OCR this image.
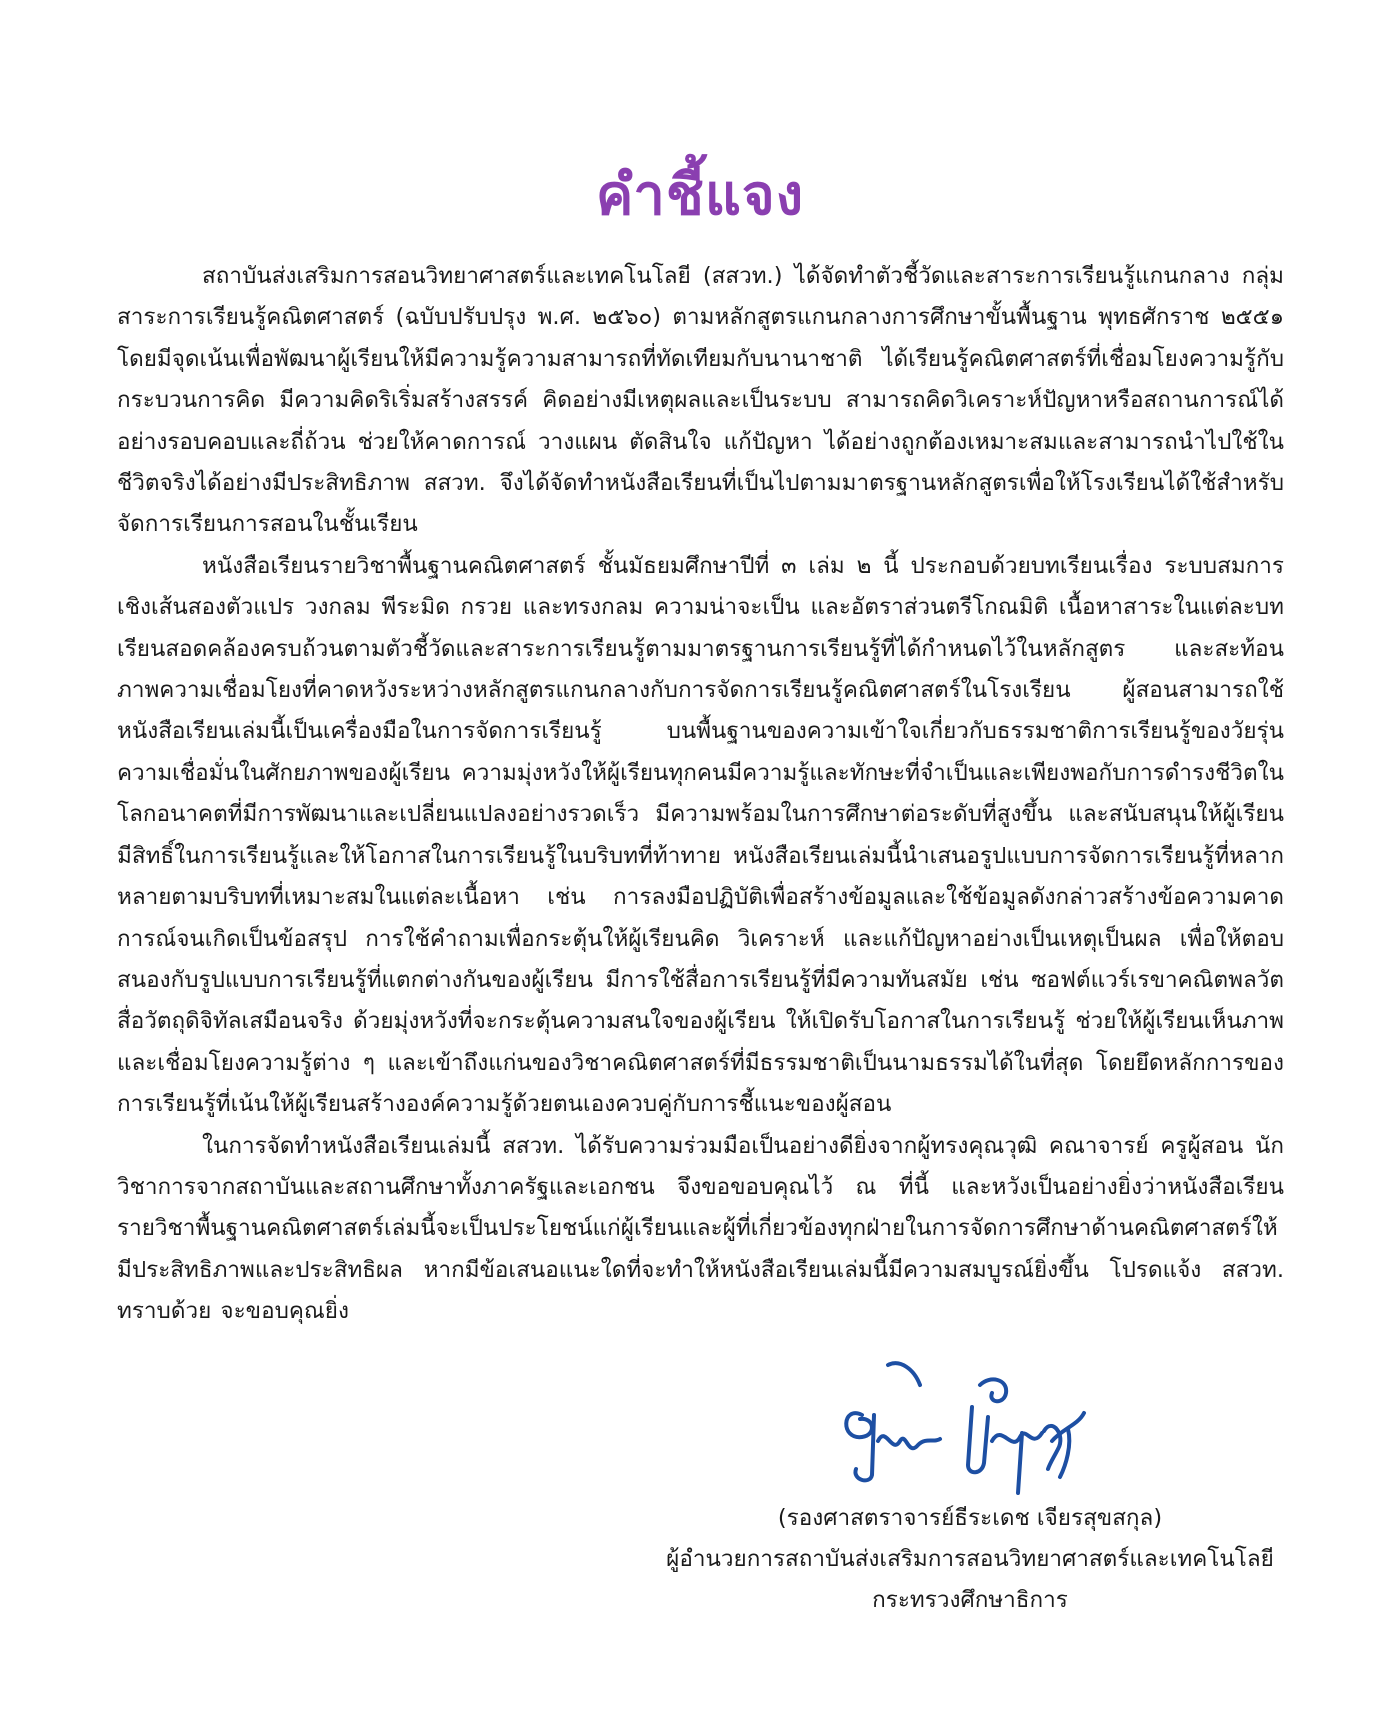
คำชี้แจง

สถาบันส่งเสริมการสอนวิทยาศาสตร์และเทคโนโลยี (สสวท.) ได้จัดทำตัวชี้วัดและสาระการเรียนรู้แกนกลาง กลุ่มสาระการเรียนรู้คณิตศาสตร์ (ฉบับปรับปรุง พ.ศ. ๒๕๖๐) ตามหลักสูตรแกนกลางการศึกษาขั้นพื้นฐาน พุทธศักราช ๒๕๕๑ โดยมีจุดเน้นเพื่อพัฒนาผู้เรียนให้มีความรู้ความสามารถที่ทัดเทียมกับนานาชาติ ได้เรียนรู้คณิตศาสตร์ที่เชื่อมโยงความรู้กับกระบวนการคิด มีความคิดริเริ่มสร้างสรรค์ คิดอย่างมีเหตุผลและเป็นระบบ สามารถคิดวิเคราะห์ปัญหาหรือสถานการณ์ได้อย่างรอบคอบและถี่ถ้วน ช่วยให้คาดการณ์ วางแผน ตัดสินใจ แก้ปัญหา ได้อย่างถูกต้องเหมาะสมและสามารถนำไปใช้ในชีวิตจริงได้อย่างมีประสิทธิภาพ สสวท. จึงได้จัดทำหนังสือเรียนที่เป็นไปตามมาตรฐานหลักสูตรเพื่อให้โรงเรียนได้ใช้สำหรับจัดการเรียนการสอนในชั้นเรียน

หนังสือเรียนรายวิชาพื้นฐานคณิตศาสตร์ ชั้นมัธยมศึกษาปีที่ ๓ เล่ม ๒ นี้ ประกอบด้วยบทเรียนเรื่อง ระบบสมการเชิงเส้นสองตัวแปร วงกลม พีระมิด กรวย และทรงกลม ความน่าจะเป็น และอัตราส่วนตรีโกณมิติ เนื้อหาสาระในแต่ละบทเรียนสอดคล้องครบถ้วนตามตัวชี้วัดและสาระการเรียนรู้ตามมาตรฐานการเรียนรู้ที่ได้กำหนดไว้ในหลักสูตร และสะท้อนภาพความเชื่อมโยงที่คาดหวังระหว่างหลักสูตรแกนกลางกับการจัดการเรียนรู้คณิตศาสตร์ในโรงเรียน ผู้สอนสามารถใช้หนังสือเรียนเล่มนี้เป็นเครื่องมือในการจัดการเรียนรู้ บนพื้นฐานของความเข้าใจเกี่ยวกับธรรมชาติการเรียนรู้ของวัยรุ่น ความเชื่อมั่นในศักยภาพของผู้เรียน ความมุ่งหวังให้ผู้เรียนทุกคนมีความรู้และทักษะที่จำเป็นและเพียงพอกับการดำรงชีวิตในโลกอนาคตที่มีการพัฒนาและเปลี่ยนแปลงอย่างรวดเร็ว มีความพร้อมในการศึกษาต่อระดับที่สูงขึ้น และสนับสนุนให้ผู้เรียนมีสิทธิ์ในการเรียนรู้และให้โอกาสในการเรียนรู้ในบริบทที่ท้าทาย หนังสือเรียนเล่มนี้นำเสนอรูปแบบการจัดการเรียนรู้ที่หลากหลายตามบริบทที่เหมาะสมในแต่ละเนื้อหา เช่น การลงมือปฏิบัติเพื่อสร้างข้อมูลและใช้ข้อมูลดังกล่าวสร้างข้อความคาดการณ์จนเกิดเป็นข้อสรุป การใช้คำถามเพื่อกระตุ้นให้ผู้เรียนคิด วิเคราะห์ และแก้ปัญหาอย่างเป็นเหตุเป็นผล เพื่อให้ตอบสนองกับรูปแบบการเรียนรู้ที่แตกต่างกันของผู้เรียน มีการใช้สื่อการเรียนรู้ที่มีความทันสมัย เช่น ซอฟต์แวร์เรขาคณิตพลวัต สื่อวัตถุดิจิทัลเสมือนจริง ด้วยมุ่งหวังที่จะกระตุ้นความสนใจของผู้เรียน ให้เปิดรับโอกาสในการเรียนรู้ ช่วยให้ผู้เรียนเห็นภาพและเชื่อมโยงความรู้ต่าง ๆ และเข้าถึงแก่นของวิชาคณิตศาสตร์ที่มีธรรมชาติเป็นนามธรรมได้ในที่สุด โดยยึดหลักการของการเรียนรู้ที่เน้นให้ผู้เรียนสร้างองค์ความรู้ด้วยตนเองควบคู่กับการชี้แนะของผู้สอน

ในการจัดทำหนังสือเรียนเล่มนี้ สสวท. ได้รับความร่วมมือเป็นอย่างดียิ่งจากผู้ทรงคุณวุฒิ คณาจารย์ ครูผู้สอน นักวิชาการจากสถาบันและสถานศึกษาทั้งภาครัฐและเอกชน จึงขอขอบคุณไว้ ณ ที่นี้ และหวังเป็นอย่างยิ่งว่าหนังสือเรียนรายวิชาพื้นฐานคณิตศาสตร์เล่มนี้จะเป็นประโยชน์แก่ผู้เรียนและผู้ที่เกี่ยวข้องทุกฝ่ายในการจัดการศึกษาด้านคณิตศาสตร์ให้มีประสิทธิภาพและประสิทธิผล หากมีข้อเสนอแนะใดที่จะทำให้หนังสือเรียนเล่มนี้มีความสมบูรณ์ยิ่งขึ้น โปรดแจ้ง สสวท. ทราบด้วย จะขอบคุณยิ่ง

(รองศาสตราจารย์ธีระเดช เจียรสุขสกุล)
ผู้อำนวยการสถาบันส่งเสริมการสอนวิทยาศาสตร์และเทคโนโลยี
กระทรวงศึกษาธิการ
